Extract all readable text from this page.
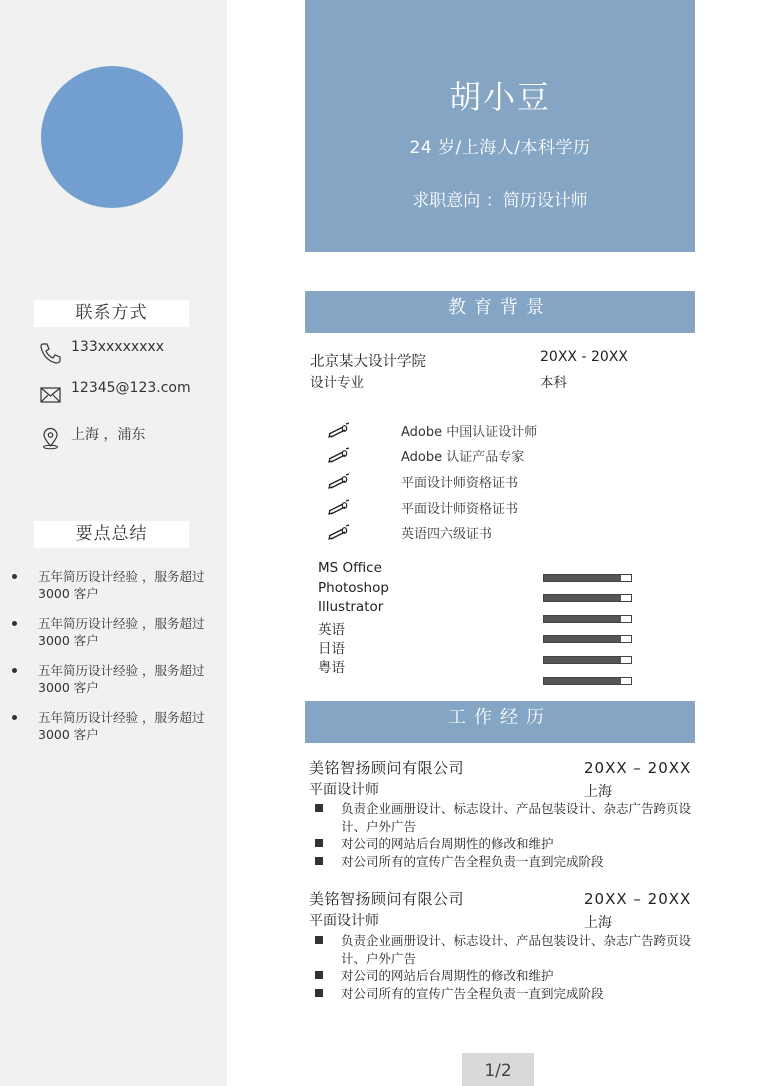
联系方式
133xxxxxxxx
12345@123.com
上海 ，浦东
要点总结
五年简历设计经验 ，服务超过 3000 客户
五年简历设计经验 ，服务超过 3000 客户
五年简历设计经验 ，服务超过 3000 客户
五年简历设计经验 ，服务超过 3000 客户
胡小豆
24 岁/上海人/本科学历
求职意向 ：简历设计师
教育背景
北京某大设计学院	20XX - 20XX
设计专业	本科
Adobe 中国认证设计师
Adobe 认证产品专家
平面设计师资格证书
平面设计师资格证书
英语四六级证书
MS Office
Photoshop
Illustrator
英语
日语
粤语
工作经历
美铭智扬顾问有限公司	20XX – 20XX
平面设计师	上海
负责企业画册设计、标志设计、产品包装设计、杂志广告跨页设计、户外广告
对公司的网站后台周期性的修改和维护
对公司所有的宣传广告全程负责一直到完成阶段
美铭智扬顾问有限公司	20XX – 20XX
平面设计师	上海
负责企业画册设计、标志设计、产品包装设计、杂志广告跨页设计、户外广告
对公司的网站后台周期性的修改和维护
对公司所有的宣传广告全程负责一直到完成阶段
1/2
